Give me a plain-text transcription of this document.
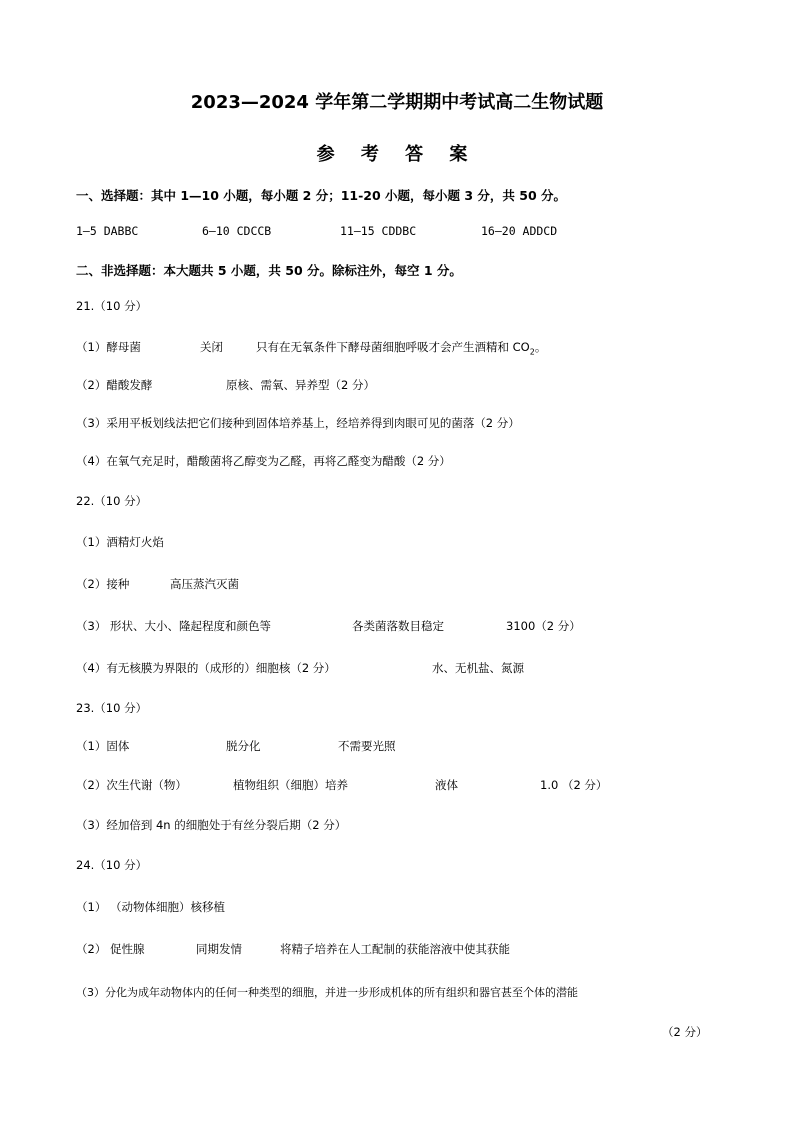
2023—2024 学年第二学期期中考试高二生物试题
参 考 答 案
一、选择题：其中 1—10 小题，每小题 2 分；11-20 小题，每小题 3 分，共 50 分。
1—5 DABBC	6—10 CDCCB	11—15 CDDBC	16—20 ADDCD
二、非选择题：本大题共 5 小题，共 50 分。除标注外，每空 1 分。
21.（10 分）
（1）酵母菌	关闭	只有在无氧条件下酵母菌细胞呼吸才会产生酒精和 $CO_2$。
（2）醋酸发酵	原核、需氧、异养型（2 分）
（3）采用平板划线法把它们接种到固体培养基上，经培养得到肉眼可见的菌落（2 分）
（4）在氧气充足时，醋酸菌将乙醇变为乙醛，再将乙醛变为醋酸（2 分）
22.（10 分）
（1）酒精灯火焰
（2）接种	高压蒸汽灭菌
（3） 形状、大小、隆起程度和颜色等	各类菌落数目稳定	3100（2 分）
（4）有无核膜为界限的（成形的）细胞核（2 分）	水、无机盐、氮源
23.（10 分）
（1）固体	脱分化	不需要光照
（2）次生代谢（物）	植物组织（细胞）培养	液体	1.0 （2 分）
（3）经加倍到 4n 的细胞处于有丝分裂后期（2 分）
24.（10 分）
（1） （动物体细胞）核移植
（2） 促性腺	同期发情	将精子培养在人工配制的获能溶液中使其获能
（3）分化为成年动物体内的任何一种类型的细胞，并进一步形成机体的所有组织和器官甚至个体的潜能
（2 分）
